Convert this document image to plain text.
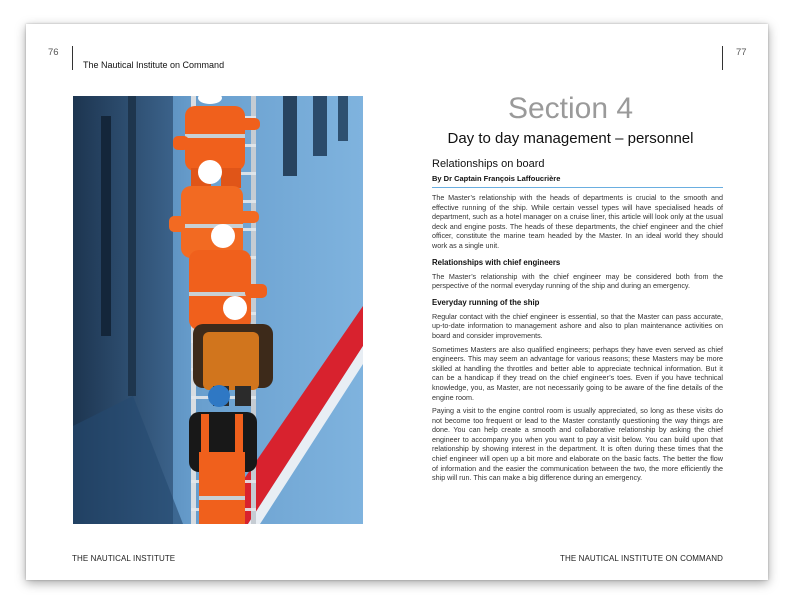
76
The Nautical Institute on Command
77
Section 4
Day to day management – personnel
Relationships on board
By Dr Captain François Laffoucrière
The Master’s relationship with the heads of departments is crucial to the smooth and effective running of the ship. While certain vessel types will have specialised heads of department, such as a hotel manager on a cruise liner, this article will look only at the usual deck and engine posts. The heads of these departments, the chief engineer and the chief officer, constitute the marine team headed by the Master. In an ideal world they should work as a single unit.
Relationships with chief engineers
The Master’s relationship with the chief engineer may be considered both from the perspective of the normal everyday running of the ship and during an emergency.
Everyday running of the ship
Regular contact with the chief engineer is essential, so that the Master can pass accurate, up-to-date information to management ashore and also to plan maintenance activities on board and consider improvements.
Sometimes Masters are also qualified engineers; perhaps they have even served as chief engineers. This may seem an advantage for various reasons; these Masters may be more skilled at handling the throttles and better able to appreciate technical information. But it can be a handicap if they tread on the chief engineer’s toes. Even if you have technical knowledge, you, as Master, are not necessarily going to be aware of the fine details of the engine room.
Paying a visit to the engine control room is usually appreciated, so long as these visits do not become too frequent or lead to the Master constantly questioning the way things are done. You can help create a smooth and collaborative relationship by asking the chief engineer to accompany you when you want to pay a visit below. You can build upon that relationship by showing interest in the department. It is often during these times that the chief engineer will open up a bit more and elaborate on the basic facts. The better the flow of information and the easier the communication between the two, the more efficiently the ship will run. This can make a big difference during an emergency.
THE NAUTICAL INSTITUTE	THE NAUTICAL INSTITUTE ON COMMAND
